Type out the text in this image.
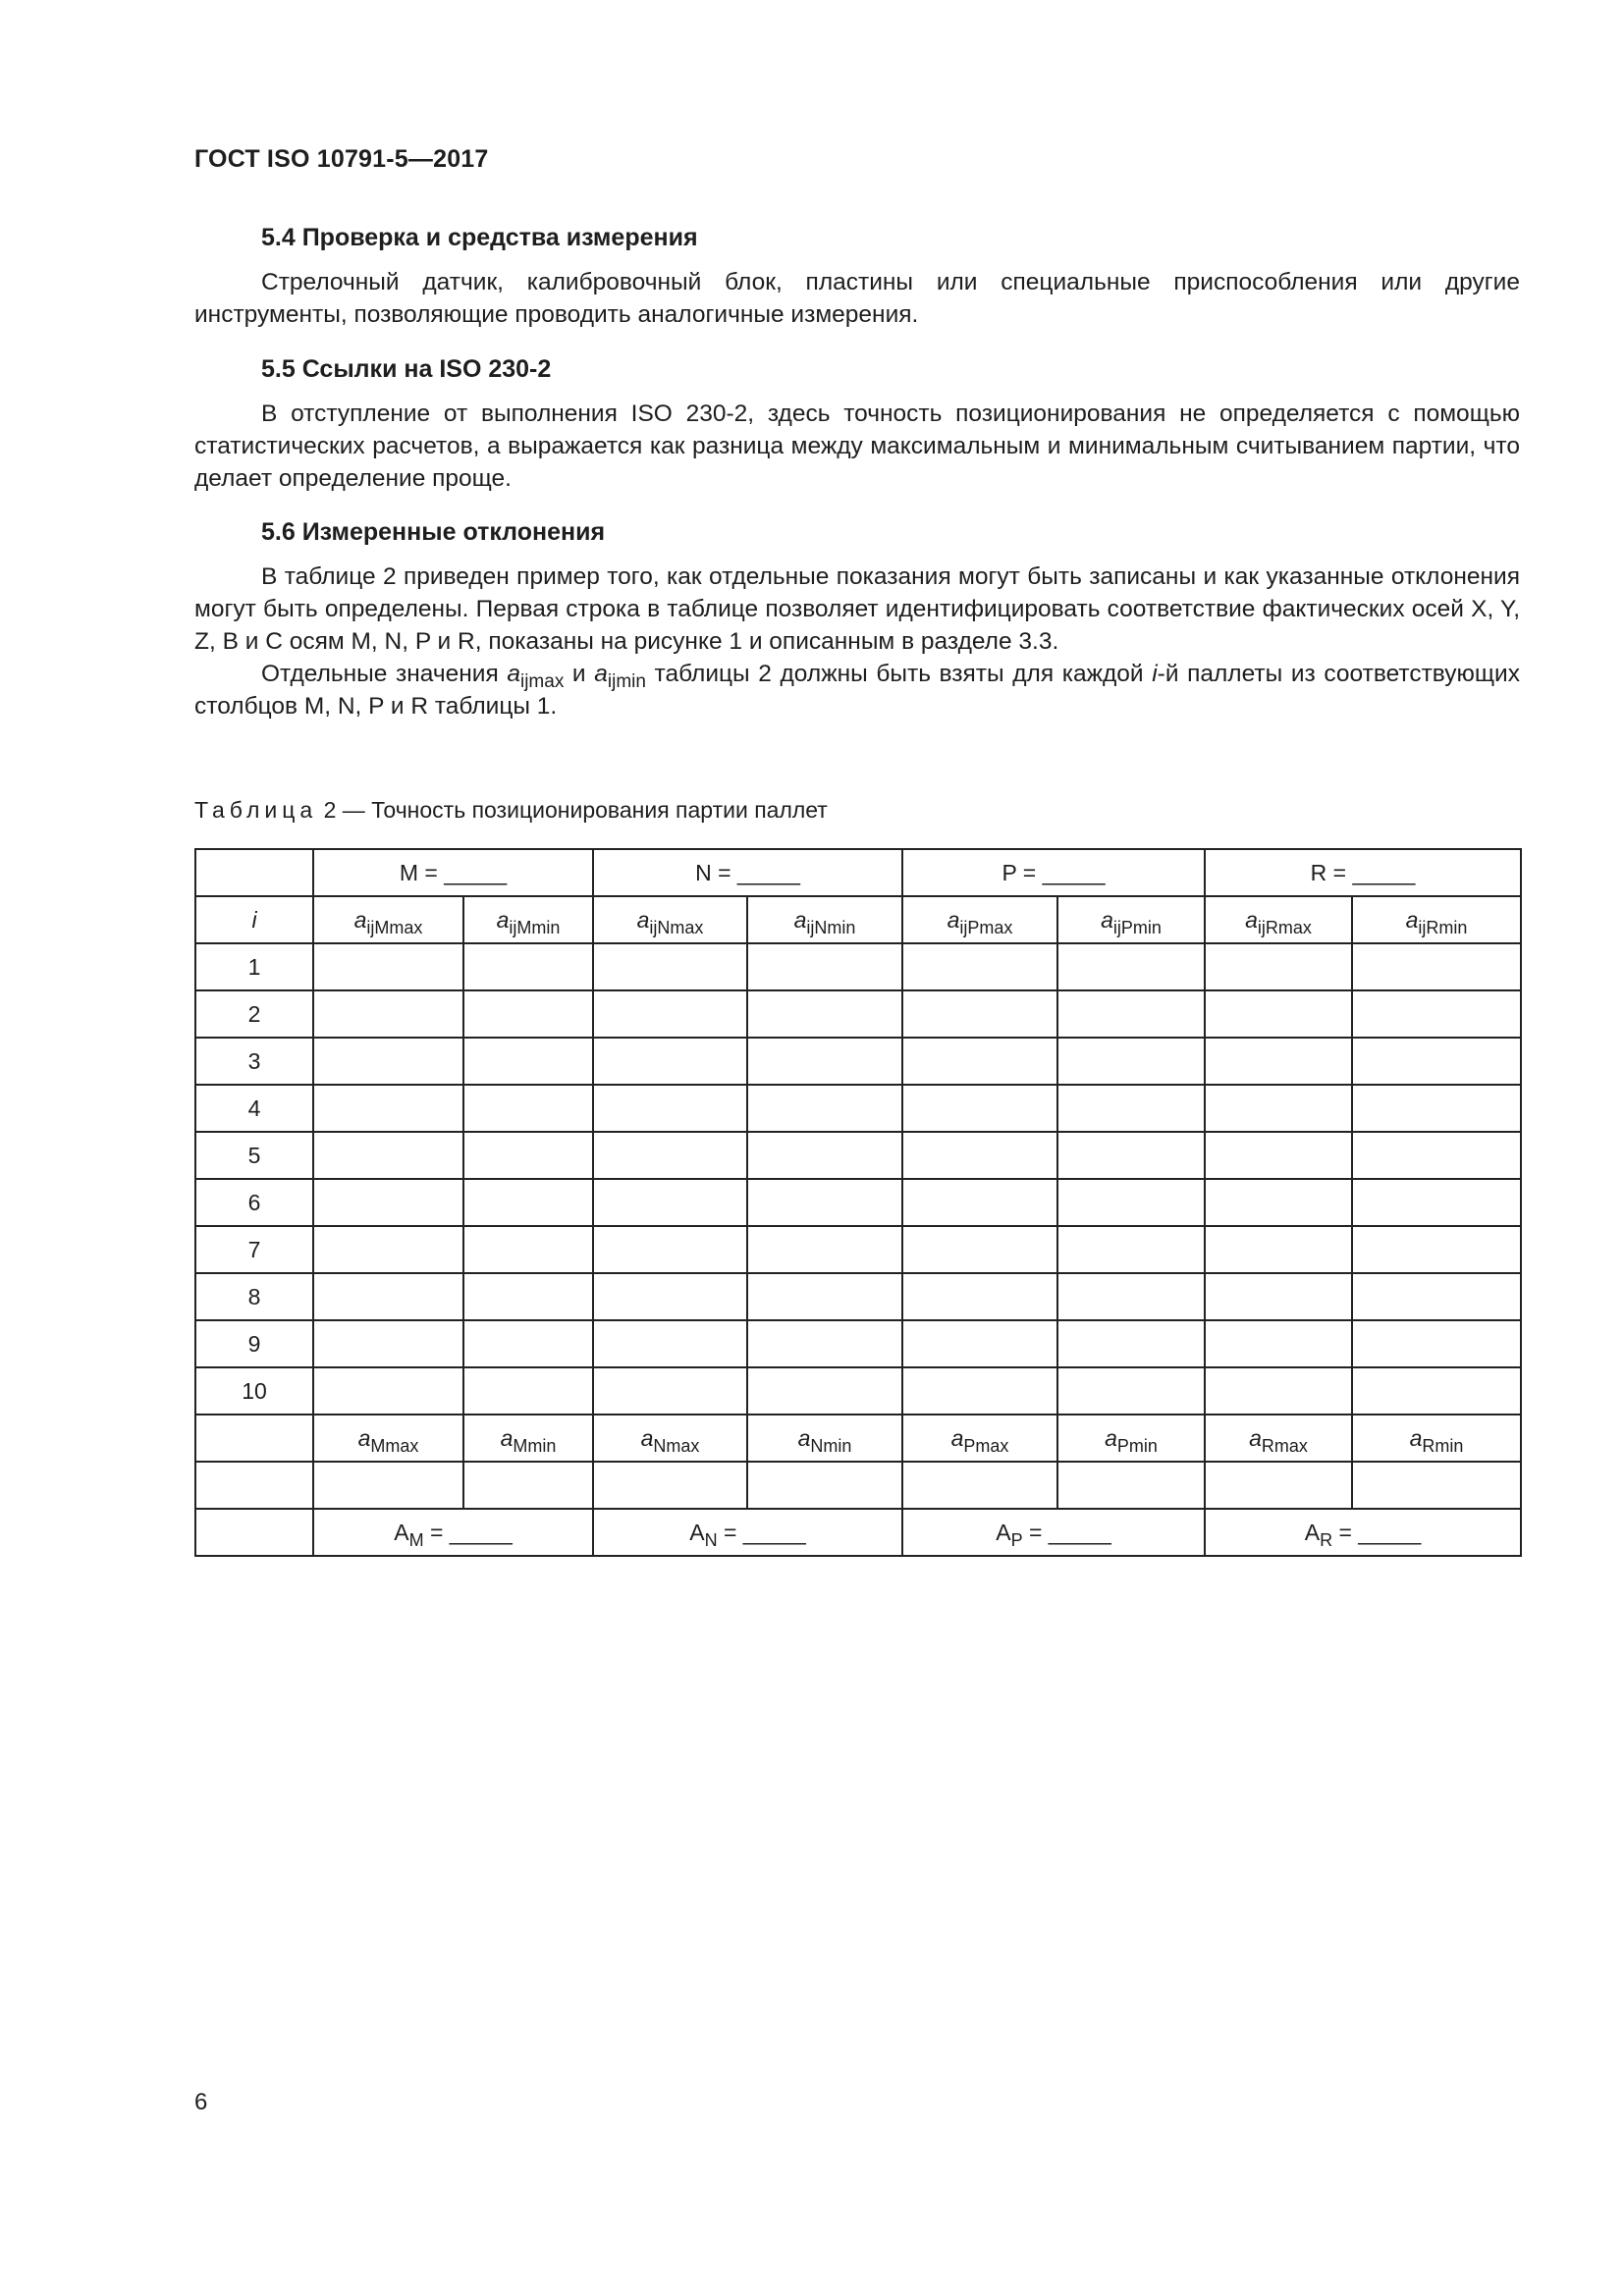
ГОСТ ISO 10791-5—2017

5.4 Проверка и средства измерения

Стрелочный датчик, калибровочный блок, пластины или специальные приспособления или другие инструменты, позволяющие проводить аналогичные измерения.

5.5 Ссылки на ISO 230-2

В отступление от выполнения ISO 230-2, здесь точность позиционирования не определяется с помощью статистических расчетов, а выражается как разница между максимальным и минимальным считыванием партии, что делает определение проще.

5.6 Измеренные отклонения

В таблице 2 приведен пример того, как отдельные показания могут быть записаны и как указанные отклонения могут быть определены. Первая строка в таблице позволяет идентифицировать соответствие фактических осей X, Y, Z, B и C осям M, N, P и R, показаны на рисунке 1 и описанным в разделе 3.3.

Отдельные значения $a_{ijmax}$ и $a_{ijmin}$ таблицы 2 должны быть взяты для каждой i-й паллеты из соответствующих столбцов M, N, P и R таблицы 1.

Таблица 2 — Точность позиционирования партии паллет
	M = _____		N = _____		P = _____		R = _____	
i	$a_{ijMmax}$	$a_{ijMmin}$	$a_{ijNmax}$	$a_{ijNmin}$	$a_{ijPmax}$	$a_{ijPmin}$	$a_{ijRmax}$	$a_{ijRmin}$
1								
2								
3								
4								
5								
6								
7								
8								
9								
10								
	$a_{Mmax}$	$a_{Mmin}$	$a_{Nmax}$	$a_{Nmin}$	$a_{Pmax}$	$a_{Pmin}$	$a_{Rmax}$	$a_{Rmin}$

	$A_M$ = _____		$A_N$ = _____		$A_P$ = _____		$A_R$ = _____	
6
